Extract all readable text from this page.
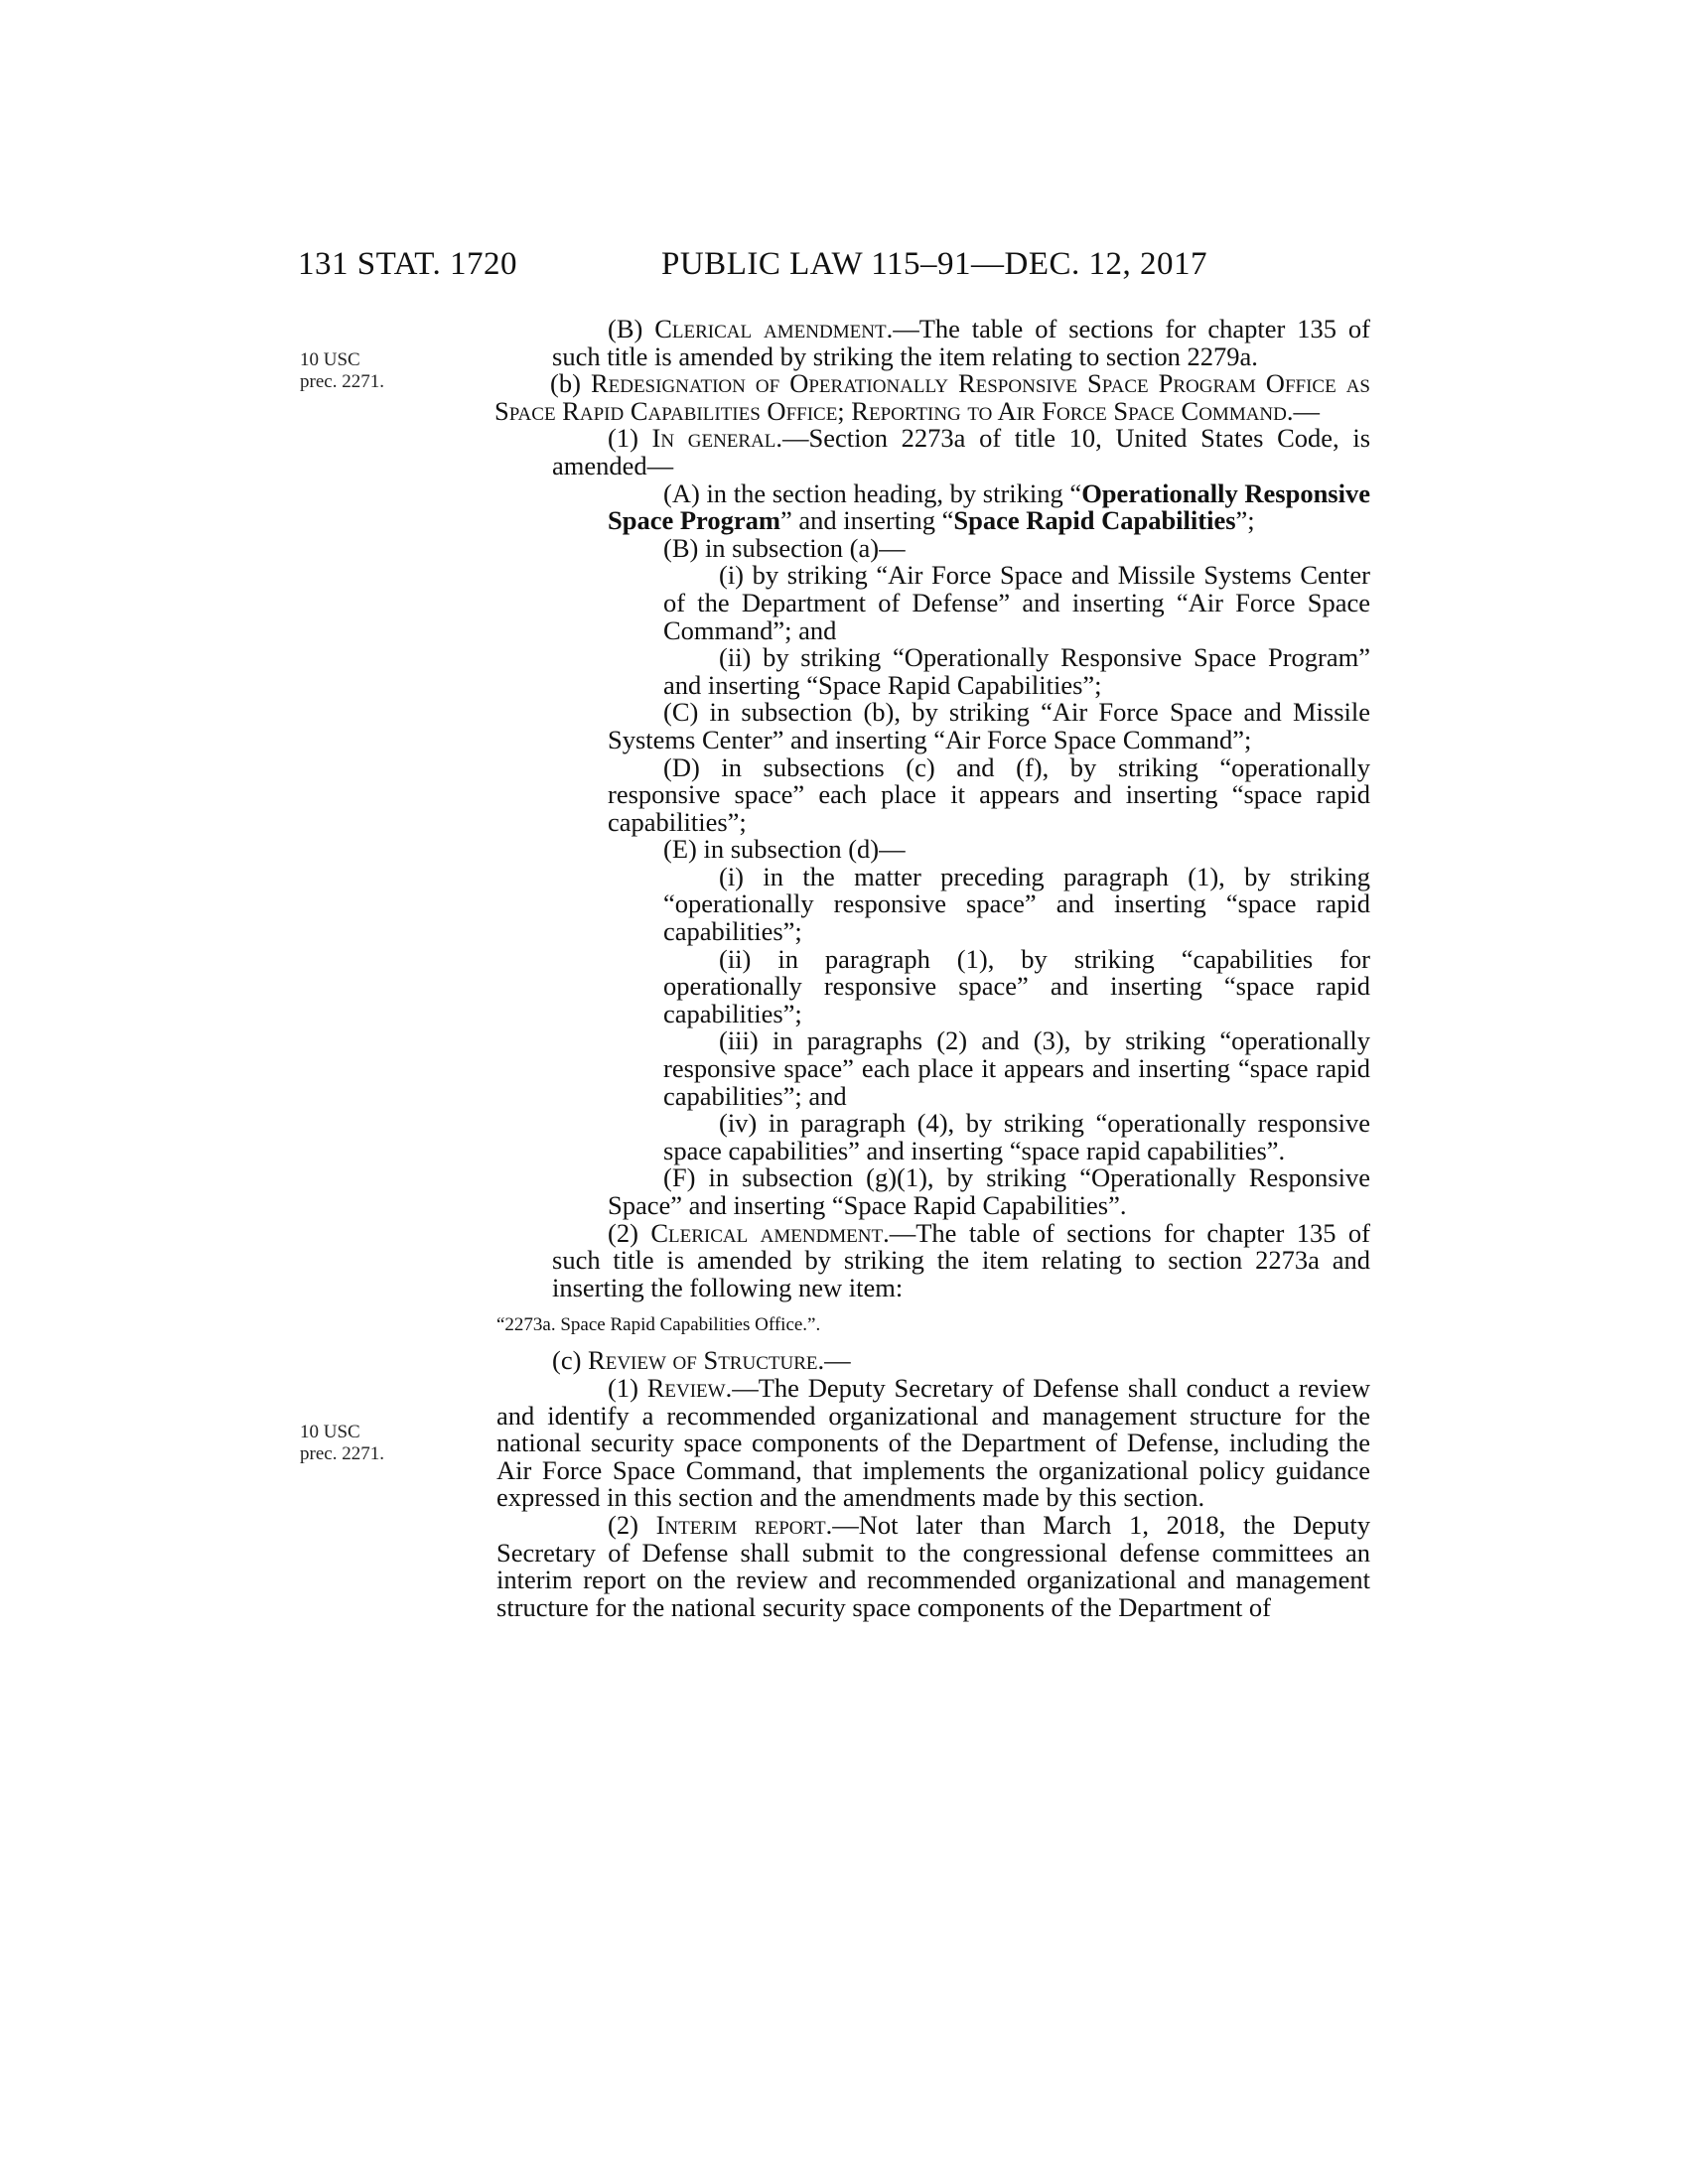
131 STAT. 1720	PUBLIC LAW 115–91—DEC. 12, 2017
10 USC
prec. 2271.
10 USC
prec. 2271.

(B) Clerical amendment.—The table of sections for chapter 135 of such title is amended by striking the item relating to section 2279a.

(b) Redesignation of Operationally Responsive Space Program Office as Space Rapid Capabilities Office; Reporting to Air Force Space Command.—

(1) In general.—Section 2273a of title 10, United States Code, is amended—

(A) in the section heading, by striking “Operationally Responsive Space Program” and inserting “Space Rapid Capabilities”;

(B) in subsection (a)—

(i) by striking “Air Force Space and Missile Systems Center of the Department of Defense” and inserting “Air Force Space Command”; and

(ii) by striking “Operationally Responsive Space Program” and inserting “Space Rapid Capabilities”;

(C) in subsection (b), by striking “Air Force Space and Missile Systems Center” and inserting “Air Force Space Command”;

(D) in subsections (c) and (f), by striking “operationally responsive space” each place it appears and inserting “space rapid capabilities”;

(E) in subsection (d)—

(i) in the matter preceding paragraph (1), by striking “operationally responsive space” and inserting “space rapid capabilities”;

(ii) in paragraph (1), by striking “capabilities for operationally responsive space” and inserting “space rapid capabilities”;

(iii) in paragraphs (2) and (3), by striking “operationally responsive space” each place it appears and inserting “space rapid capabilities”; and

(iv) in paragraph (4), by striking “operationally responsive space capabilities” and inserting “space rapid capabilities”.

(F) in subsection (g)(1), by striking “Operationally Responsive Space” and inserting “Space Rapid Capabilities”.

(2) Clerical amendment.—The table of sections for chapter 135 of such title is amended by striking the item relating to section 2273a and inserting the following new item:

“2273a. Space Rapid Capabilities Office.”.

(c) Review of Structure.—

(1) Review.—The Deputy Secretary of Defense shall conduct a review and identify a recommended organizational and management structure for the national security space components of the Department of Defense, including the Air Force Space Command, that implements the organizational policy guidance expressed in this section and the amendments made by this section.

(2) Interim report.—Not later than March 1, 2018, the Deputy Secretary of Defense shall submit to the congressional defense committees an interim report on the review and recommended organizational and management structure for the national security space components of the Department of
